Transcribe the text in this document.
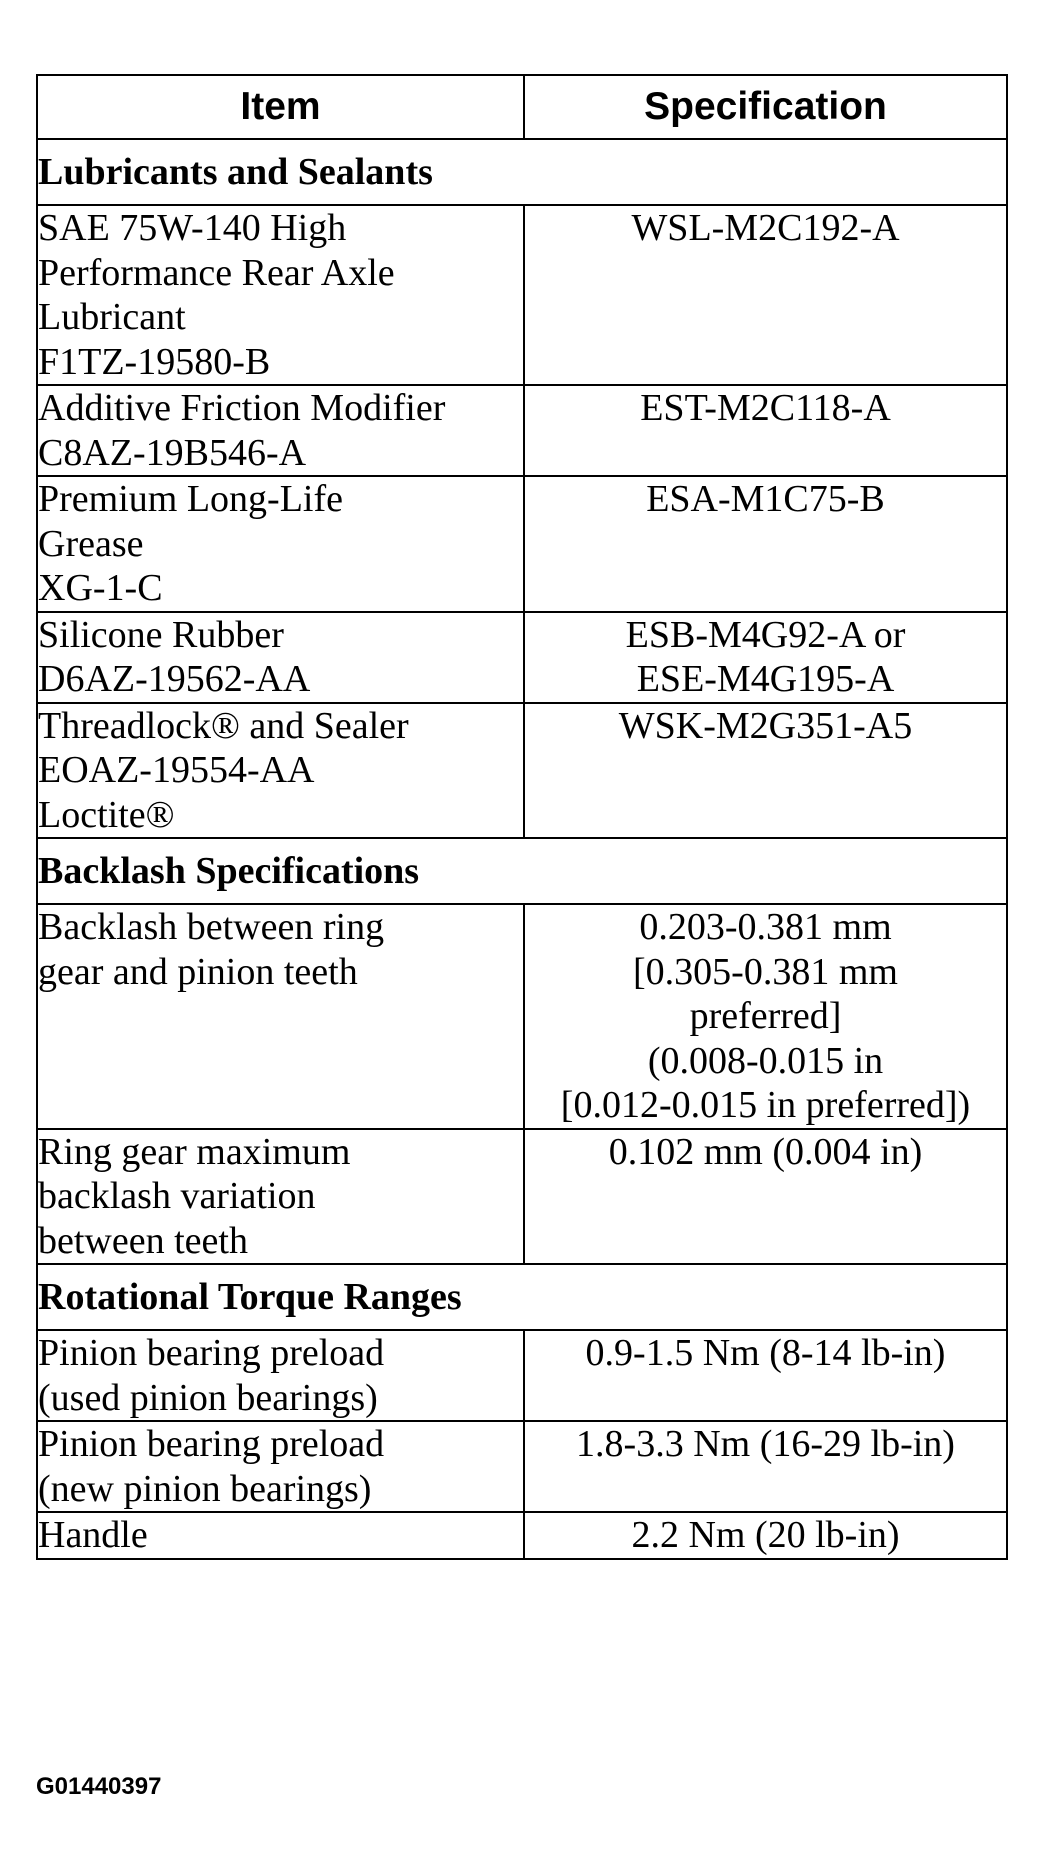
Item	Specification
Lubricants and Sealants	

SAE 75W-140 High
Performance Rear Axle
Lubricant
F1TZ-19580-B	WSL-M2C192-A

Additive Friction Modifier
C8AZ-19B546-A	EST-M2C118-A

Premium Long-Life
Grease
XG-1-C	ESA-M1C75-B

Silicone Rubber
D6AZ-19562-AA	ESB-M4G92-A or
ESE-M4G195-A

Threadlock® and Sealer
EOAZ-19554-AA
Loctite®	WSK-M2G351-A5

Backlash Specifications	

Backlash between ring
gear and pinion teeth	0.203-0.381 mm
[0.305-0.381 mm
preferred]
(0.008-0.015 in
[0.012-0.015 in preferred])

Ring gear maximum
backlash variation
between teeth	0.102 mm (0.004 in)

Rotational Torque Ranges	

Pinion bearing preload
(used pinion bearings)	0.9-1.5 Nm (8-14 lb-in)

Pinion bearing preload
(new pinion bearings)	1.8-3.3 Nm (16-29 lb-in)

Handle	2.2 Nm (20 lb-in)
G01440397
